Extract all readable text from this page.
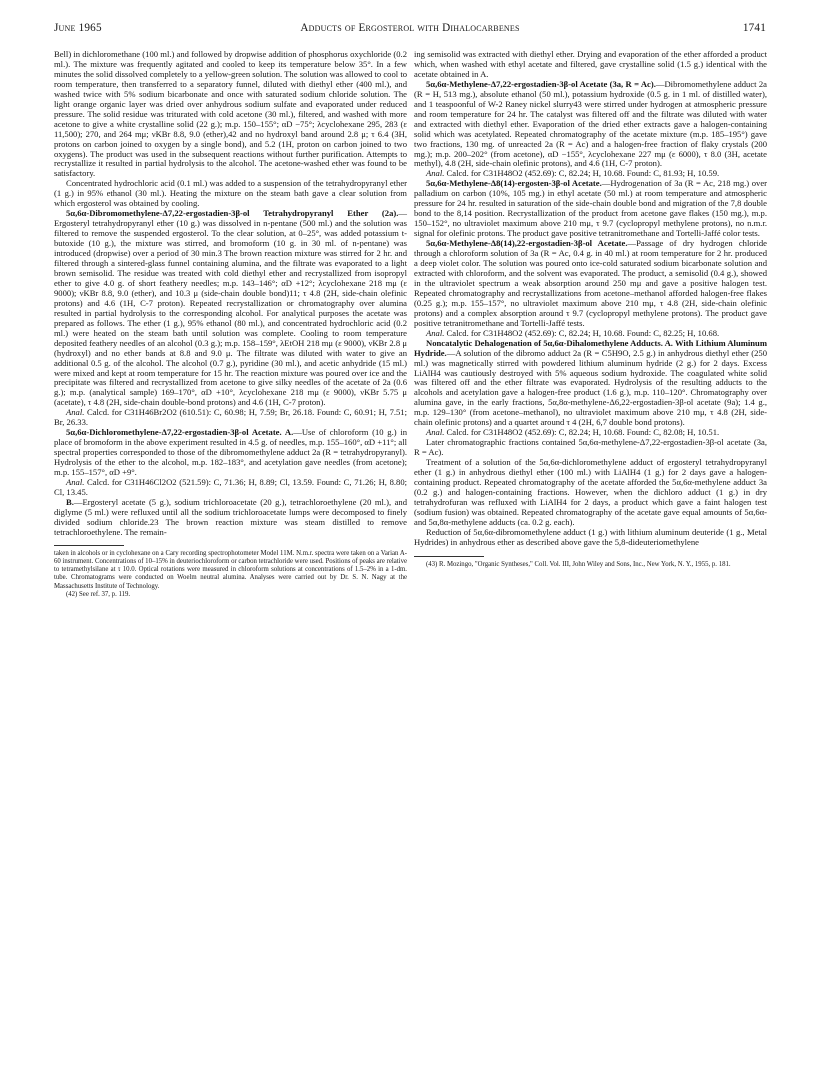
June 1965	Adducts of Ergosterol with Dihalocarbenes	1741

Bell) in dichloromethane (100 ml.) and followed by dropwise addition of phosphorus oxychloride (0.2 ml.). The mixture was frequently agitated and cooled to keep its temperature below 35°. In a few minutes the solid dissolved completely to a yellow-green solution. The solution was allowed to cool to room temperature, then transferred to a separatory funnel, diluted with diethyl ether (400 ml.), and washed twice with 5% sodium bicarbonate and once with saturated sodium chloride solution. The light orange organic layer was dried over anhydrous sodium sulfate and evaporated under reduced pressure. The solid residue was triturated with cold acetone (30 ml.), filtered, and washed with more acetone to give a white crystalline solid (22 g.); m.p. 150–155°; αD −75°; λcyclohexane 295, 283 (ε 11,500); 270, and 264 mμ; νKBr 8.8, 9.0 (ether),42 and no hydroxyl band around 2.8 μ; τ 6.4 (3H, protons on carbon joined to oxygen by a single bond), and 5.2 (1H, proton on carbon joined to two oxygens). The product was used in the subsequent reactions without further purification. Attempts to recrystallize it resulted in partial hydrolysis to the alcohol. The acetone-washed ether was found to be satisfactory.

Concentrated hydrochloric acid (0.1 ml.) was added to a suspension of the tetrahydropyranyl ether (1 g.) in 95% ethanol (30 ml.). Heating the mixture on the steam bath gave a clear solution from which ergosterol was obtained by cooling.

5α,6α-Dibromomethylene-Δ7,22-ergostadien-3β-ol Tetrahydropyranyl Ether (2a).—Ergosteryl tetrahydropyranyl ether (10 g.) was dissolved in n-pentane (500 ml.) and the solution was filtered to remove the suspended ergosterol. To the clear solution, at 0–25°, was added potassium t-butoxide (10 g.), the mixture was stirred, and bromoform (10 g. in 30 ml. of n-pentane) was introduced (dropwise) over a period of 30 min.3 The brown reaction mixture was stirred for 2 hr. and filtered through a sintered-glass funnel containing alumina, and the filtrate was evaporated to a light brown semisolid. The residue was treated with cold diethyl ether and recrystallized from isopropyl ether to give 4.0 g. of short feathery needles; m.p. 143–146°; αD +12°; λcyclohexane 218 mμ (ε 9000); νKBr 8.8, 9.0 (ether), and 10.3 μ (side-chain double bond)11; τ 4.8 (2H, side-chain olefinic protons) and 4.6 (1H, C-7 proton). Repeated recrystallization or chromatography over alumina resulted in partial hydrolysis to the corresponding alcohol. For analytical purposes the acetate was prepared as follows. The ether (1 g.), 95% ethanol (80 ml.), and concentrated hydrochloric acid (0.2 ml.) were heated on the steam bath until solution was complete. Cooling to room temperature deposited feathery needles of an alcohol (0.3 g.); m.p. 158–159°, λEtOH 218 mμ (ε 9000), νKBr 2.8 μ (hydroxyl) and no ether bands at 8.8 and 9.0 μ. The filtrate was diluted with water to give an additional 0.5 g. of the alcohol. The alcohol (0.7 g.), pyridine (30 ml.), and acetic anhydride (15 ml.) were mixed and kept at room temperature for 15 hr. The reaction mixture was poured over ice and the precipitate was filtered and recrystallized from acetone to give silky needles of the acetate of 2a (0.6 g.); m.p. (analytical sample) 169–170°, αD +10°, λcyclohexane 218 mμ (ε 9000), νKBr 5.75 μ (acetate), τ 4.8 (2H, side-chain double-bond protons) and 4.6 (1H, C-7 proton).

Anal. Calcd. for C31H46Br2O2 (610.51): C, 60.98; H, 7.59; Br, 26.18. Found: C, 60.91; H, 7.51; Br, 26.33.

5α,6α-Dichloromethylene-Δ7,22-ergostadien-3β-ol Acetate. A.—Use of chloroform (10 g.) in place of bromoform in the above experiment resulted in 4.5 g. of needles, m.p. 155–160°, αD +11°; all spectral properties corresponded to those of the dibromomethylene adduct 2a (R = tetrahydropyranyl). Hydrolysis of the ether to the alcohol, m.p. 182–183°, and acetylation gave needles (from acetone); m.p. 155–157°, αD +9°.

Anal. Calcd. for C31H46Cl2O2 (521.59): C, 71.36; H, 8.89; Cl, 13.59. Found: C, 71.26; H, 8.80; Cl, 13.45.

B.—Ergosteryl acetate (5 g.), sodium trichloroacetate (20 g.), tetrachloroethylene (20 ml.), and diglyme (5 ml.) were refluxed until all the sodium trichloroacetate lumps were decomposed to finely divided sodium chloride.23 The brown reaction mixture was steam distilled to remove tetrachloroethylene. The remain-

taken in alcohols or in cyclohexane on a Cary recording spectrophotometer Model 11M. N.m.r. spectra were taken on a Varian A-60 instrument. Concentrations of 10–15% in deuteriochloroform or carbon tetrachloride were used. Positions of peaks are relative to tetramethylsilane at τ 10.0. Optical rotations were measured in chloroform solutions at concentrations of 1.5–2% in a 1-dm. tube. Chromatograms were conducted on Woelm neutral alumina. Analyses were carried out by Dr. S. N. Nagy at the Massachusetts Institute of Technology.

(42) See ref. 37, p. 119.

ing semisolid was extracted with diethyl ether. Drying and evaporation of the ether afforded a product which, when washed with ethyl acetate and filtered, gave crystalline solid (1.5 g.) identical with the acetate obtained in A.

5α,6α-Methylene-Δ7,22-ergostadien-3β-ol Acetate (3a, R = Ac).—Dibromomethylene adduct 2a (R = H, 513 mg.), absolute ethanol (50 ml.), potassium hydroxide (0.5 g. in 1 ml. of distilled water), and 1 teaspoonful of W-2 Raney nickel slurry43 were stirred under hydrogen at atmospheric pressure and room temperature for 24 hr. The catalyst was filtered off and the filtrate was diluted with water and extracted with diethyl ether. Evaporation of the dried ether extracts gave a halogen-containing solid which was acetylated. Repeated chromatography of the acetate mixture (m.p. 185–195°) gave two fractions, 130 mg. of unreacted 2a (R = Ac) and a halogen-free fraction of flaky crystals (200 mg.); m.p. 200–202° (from acetone), αD −155°, λcyclohexane 227 mμ (ε 6000), τ 8.0 (3H, acetate methyl), 4.8 (2H, side-chain olefinic protons), and 4.6 (1H, C-7 proton).

Anal. Calcd. for C31H48O2 (452.69): C, 82.24; H, 10.68. Found: C, 81.93; H, 10.59.

5α,6α-Methylene-Δ8(14)-ergosten-3β-ol Acetate.—Hydrogenation of 3a (R = Ac, 218 mg.) over palladium on carbon (10%, 105 mg.) in ethyl acetate (50 ml.) at room temperature and atmospheric pressure for 24 hr. resulted in saturation of the side-chain double bond and migration of the 7,8 double bond to the 8,14 position. Recrystallization of the product from acetone gave flakes (150 mg.), m.p. 150–152°, no ultraviolet maximum above 210 mμ, τ 9.7 (cyclopropyl methylene protons), no n.m.r. signal for olefinic protons. The product gave positive tetranitromethane and Tortelli-Jaffé color tests.

5α,6α-Methylene-Δ8(14),22-ergostadien-3β-ol Acetate.—Passage of dry hydrogen chloride through a chloroform solution of 3a (R = Ac, 0.4 g. in 40 ml.) at room temperature for 2 hr. produced a deep violet color. The solution was poured onto ice-cold saturated sodium bicarbonate solution and extracted with chloroform, and the solvent was evaporated. The product, a semisolid (0.4 g.), showed in the ultraviolet spectrum a weak absorption around 250 mμ and gave a positive halogen test. Repeated chromatography and recrystallizations from acetone–methanol afforded halogen-free flakes (0.25 g.); m.p. 155–157°, no ultraviolet maximum above 210 mμ, τ 4.8 (2H, side-chain olefinic protons) and a complex absorption around τ 9.7 (cyclopropyl methylene protons). The product gave positive tetranitromethane and Tortelli-Jaffé tests.

Anal. Calcd. for C31H48O2 (452.69): C, 82.24; H, 10.68. Found: C, 82.25; H, 10.68.

Noncatalytic Dehalogenation of 5α,6α-Dihalomethylene Adducts. A. With Lithium Aluminum Hydride.—A solution of the dibromo adduct 2a (R = C5H9O, 2.5 g.) in anhydrous diethyl ether (250 ml.) was magnetically stirred with powdered lithium aluminum hydride (2 g.) for 2 days. Excess LiAlH4 was cautiously destroyed with 5% aqueous sodium hydroxide. The coagulated white solid was filtered off and the ether filtrate was evaporated. Hydrolysis of the resulting adducts to the alcohols and acetylation gave a halogen-free product (1.6 g.), m.p. 110–120°. Chromatography over alumina gave, in the early fractions, 5α,8α-methylene-Δ6,22-ergostadien-3β-ol acetate (9a); 1.4 g., m.p. 129–130° (from acetone–methanol), no ultraviolet maximum above 210 mμ, τ 4.8 (2H, side-chain olefinic protons) and a quartet around τ 4 (2H, 6,7 double bond protons).

Anal. Calcd. for C31H48O2 (452.69): C, 82.24; H, 10.68. Found: C, 82.08; H, 10.51.

Later chromatographic fractions contained 5α,6α-methylene-Δ7,22-ergostadien-3β-ol acetate (3a, R = Ac).

Treatment of a solution of the 5α,6α-dichloromethylene adduct of ergosteryl tetrahydropyranyl ether (1 g.) in anhydrous diethyl ether (100 ml.) with LiAlH4 (1 g.) for 2 days gave a halogen-containing product. Repeated chromatography of the acetate afforded the 5α,6α-methylene adduct 3a (0.2 g.) and halogen-containing fractions. However, when the dichloro adduct (1 g.) in dry tetrahydrofuran was refluxed with LiAlH4 for 2 days, a product which gave a faint halogen test (sodium fusion) was obtained. Repeated chromatography of the acetate gave equal amounts of 5α,6α- and 5α,8α-methylene adducts (ca. 0.2 g. each).

Reduction of 5α,6α-dibromomethylene adduct (1 g.) with lithium aluminum deuteride (1 g., Metal Hydrides) in anhydrous ether as described above gave the 5,8-dideuteriomethylene

(43) R. Mozingo, "Organic Syntheses," Coll. Vol. III, John Wiley and Sons, Inc., New York, N. Y., 1955, p. 181.
